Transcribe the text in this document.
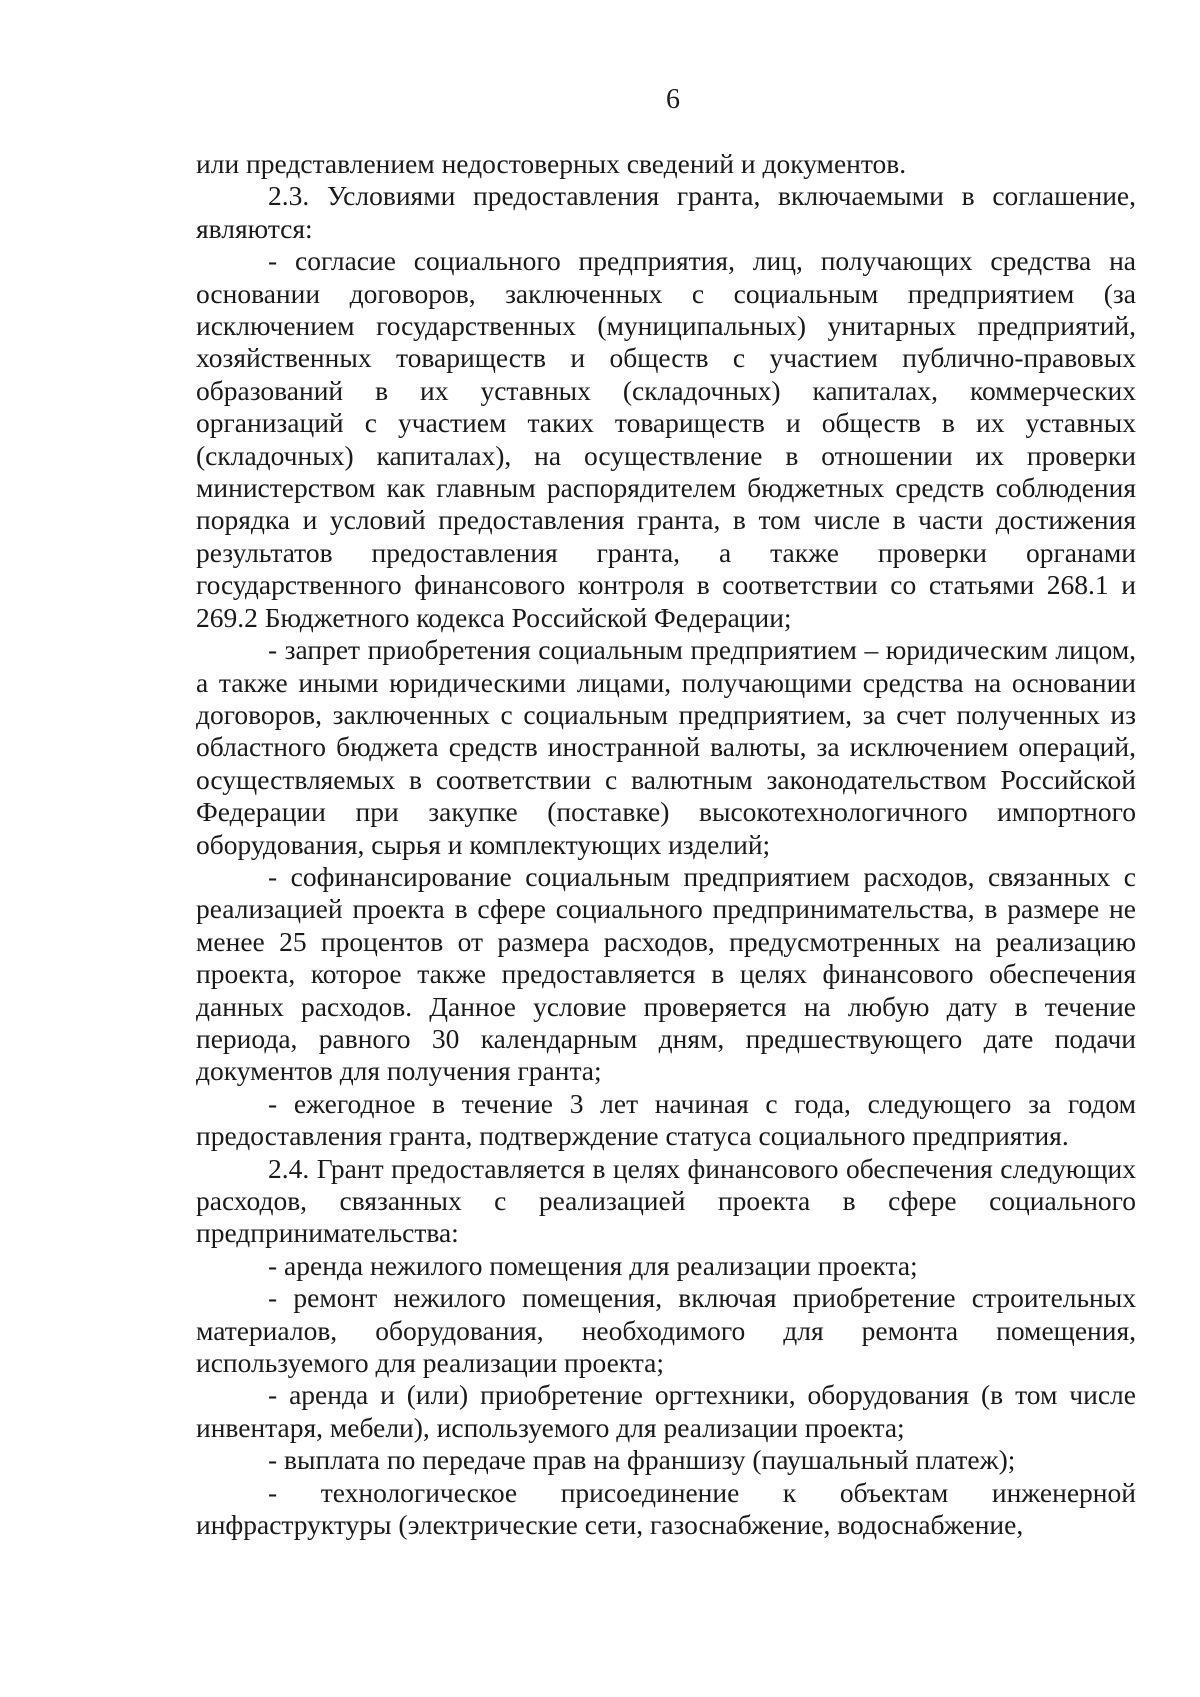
6

или представлением недостоверных сведений и документов.

2.3. Условиями предоставления гранта, включаемыми в соглашение, являются:

- согласие социального предприятия, лиц, получающих средства на основании договоров, заключенных с социальным предприятием (за исключением государственных (муниципальных) унитарных предприятий, хозяйственных товариществ и обществ с участием публично-правовых образований в их уставных (складочных) капиталах, коммерческих организаций с участием таких товариществ и обществ в их уставных (складочных) капиталах), на осуществление в отношении их проверки министерством как главным распорядителем бюджетных средств соблюдения порядка и условий предоставления гранта, в том числе в части достижения результатов предоставления гранта, а также проверки органами государственного финансового контроля в соответствии со статьями 268.1 и 269.2 Бюджетного кодекса Российской Федерации;

- запрет приобретения социальным предприятием – юридическим лицом, а также иными юридическими лицами, получающими средства на основании договоров, заключенных с социальным предприятием, за счет полученных из областного бюджета средств иностранной валюты, за исключением операций, осуществляемых в соответствии с валютным законодательством Российской Федерации при закупке (поставке) высокотехнологичного импортного оборудования, сырья и комплектующих изделий;

- софинансирование социальным предприятием расходов, связанных с реализацией проекта в сфере социального предпринимательства, в размере не менее 25 процентов от размера расходов, предусмотренных на реализацию проекта, которое также предоставляется в целях финансового обеспечения данных расходов. Данное условие проверяется на любую дату в течение периода, равного 30 календарным дням, предшествующего дате подачи документов для получения гранта;

- ежегодное в течение 3 лет начиная с года, следующего за годом предоставления гранта, подтверждение статуса социального предприятия.

2.4. Грант предоставляется в целях финансового обеспечения следующих расходов, связанных с реализацией проекта в сфере социального предпринимательства:

- аренда нежилого помещения для реализации проекта;

- ремонт нежилого помещения, включая приобретение строительных материалов, оборудования, необходимого для ремонта помещения, используемого для реализации проекта;

- аренда и (или) приобретение оргтехники, оборудования (в том числе инвентаря, мебели), используемого для реализации проекта;

- выплата по передаче прав на франшизу (паушальный платеж);

- технологическое присоединение к объектам инженерной инфраструктуры (электрические сети, газоснабжение, водоснабжение,
